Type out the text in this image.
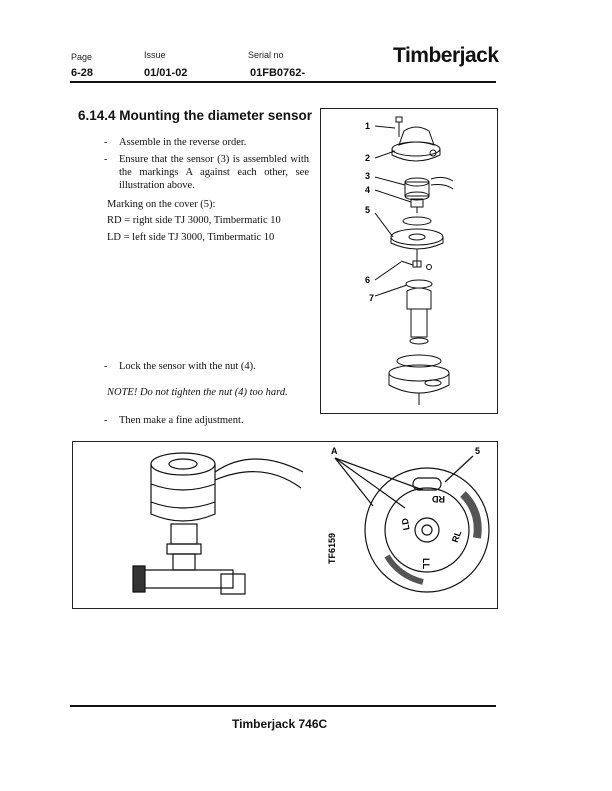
Page
6-28
Issue
01/01-02
Serial no
01FB0762-
Timberjack
6.14.4 Mounting the diameter sensor
-	Assemble in the reverse order.
-	Ensure that the sensor (3) is assembled with the markings A against each other, see illustration above.
Marking on the cover (5):
RD = right side TJ 3000, Timbermatic 10
LD = left side TJ 3000, Timbermatic 10
-	Lock the sensor with the nut (4).
NOTE! Do not tighten the nut (4) too hard.
-	Then make a fine adjustment.
1
2
3
4
5
6
7
A	5
RD
RL
LD
LL
TF6159
Timberjack 746C
